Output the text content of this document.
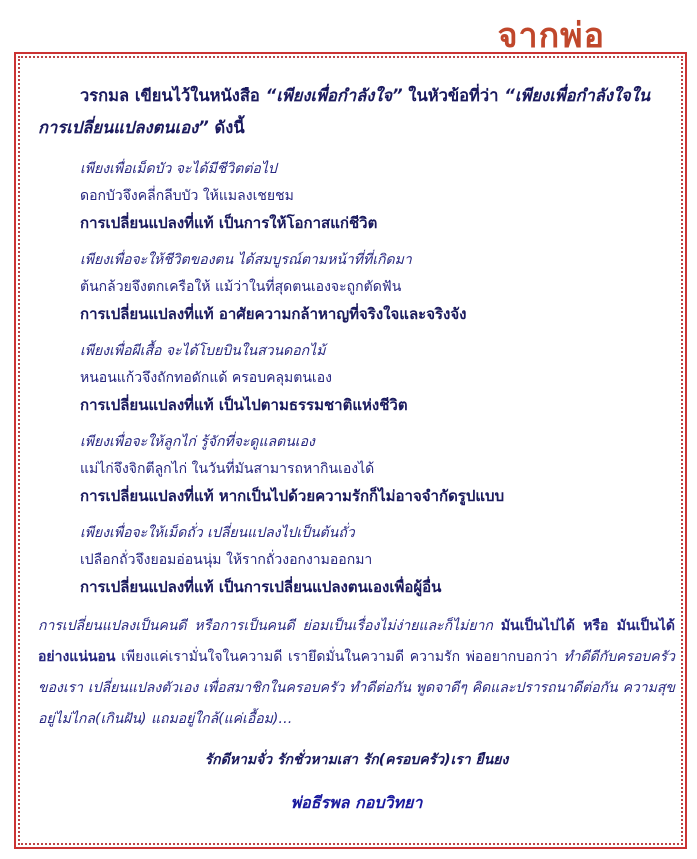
จากพ่อ

วรกมล เขียนไว้ในหนังสือ “เพียงเพื่อกำลังใจ” ในหัวข้อที่ว่า “เพียงเพื่อกำลังใจในการเปลี่ยนแปลงตนเอง” ดังนี้

เพียงเพื่อเม็ดบัว จะได้มีชีวิตต่อไป
ดอกบัวจึงคลี่กลีบบัว ให้แมลงเชยชม
การเปลี่ยนแปลงที่แท้ เป็นการให้โอกาสแก่ชีวิต
เพียงเพื่อจะให้ชีวิตของตน ได้สมบูรณ์ตามหน้าที่ที่เกิดมา
ต้นกล้วยจึงตกเครือให้ แม้ว่าในที่สุดตนเองจะถูกตัดฟัน
การเปลี่ยนแปลงที่แท้ อาศัยความกล้าหาญที่จริงใจและจริงจัง
เพียงเพื่อผีเสื้อ จะได้โบยบินในสวนดอกไม้
หนอนแก้วจึงถักทอดักแด้ ครอบคลุมตนเอง
การเปลี่ยนแปลงที่แท้ เป็นไปตามธรรมชาติแห่งชีวิต
เพียงเพื่อจะให้ลูกไก่ รู้จักที่จะดูแลตนเอง
แม่ไก่จึงจิกตีลูกไก่ ในวันที่มันสามารถหากินเองได้
การเปลี่ยนแปลงที่แท้ หากเป็นไปด้วยความรักก็ไม่อาจจำกัดรูปแบบ
เพียงเพื่อจะให้เม็ดถั่ว เปลี่ยนแปลงไปเป็นต้นถั่ว
เปลือกถั่วจึงยอมอ่อนนุ่ม ให้รากถั่วงอกงามออกมา
การเปลี่ยนแปลงที่แท้ เป็นการเปลี่ยนแปลงตนเองเพื่อผู้อื่น

การเปลี่ยนแปลงเป็นคนดี หรือการเป็นคนดี ย่อมเป็นเรื่องไม่ง่ายและก็ไม่ยาก มันเป็นไปได้ หรือ มันเป็นได้อย่างแน่นอน เพียงแค่เรามั่นใจในความดี เรายึดมั่นในความดี ความรัก พ่ออยากบอกว่า ทำดีดีกับครอบครัวของเรา เปลี่ยนแปลงตัวเอง เพื่อสมาชิกในครอบครัว ทำดีต่อกัน พูดจาดีๆ คิดและปรารถนาดีต่อกัน ความสุขอยู่ไม่ไกล(เกินฝัน) แถมอยู่ใกล้(แค่เอื้อม)…

รักดีหามจั่ว รักชั่วหามเสา รัก(ครอบครัว)เรา ยืนยง
พ่อธีรพล กอบวิทยา
